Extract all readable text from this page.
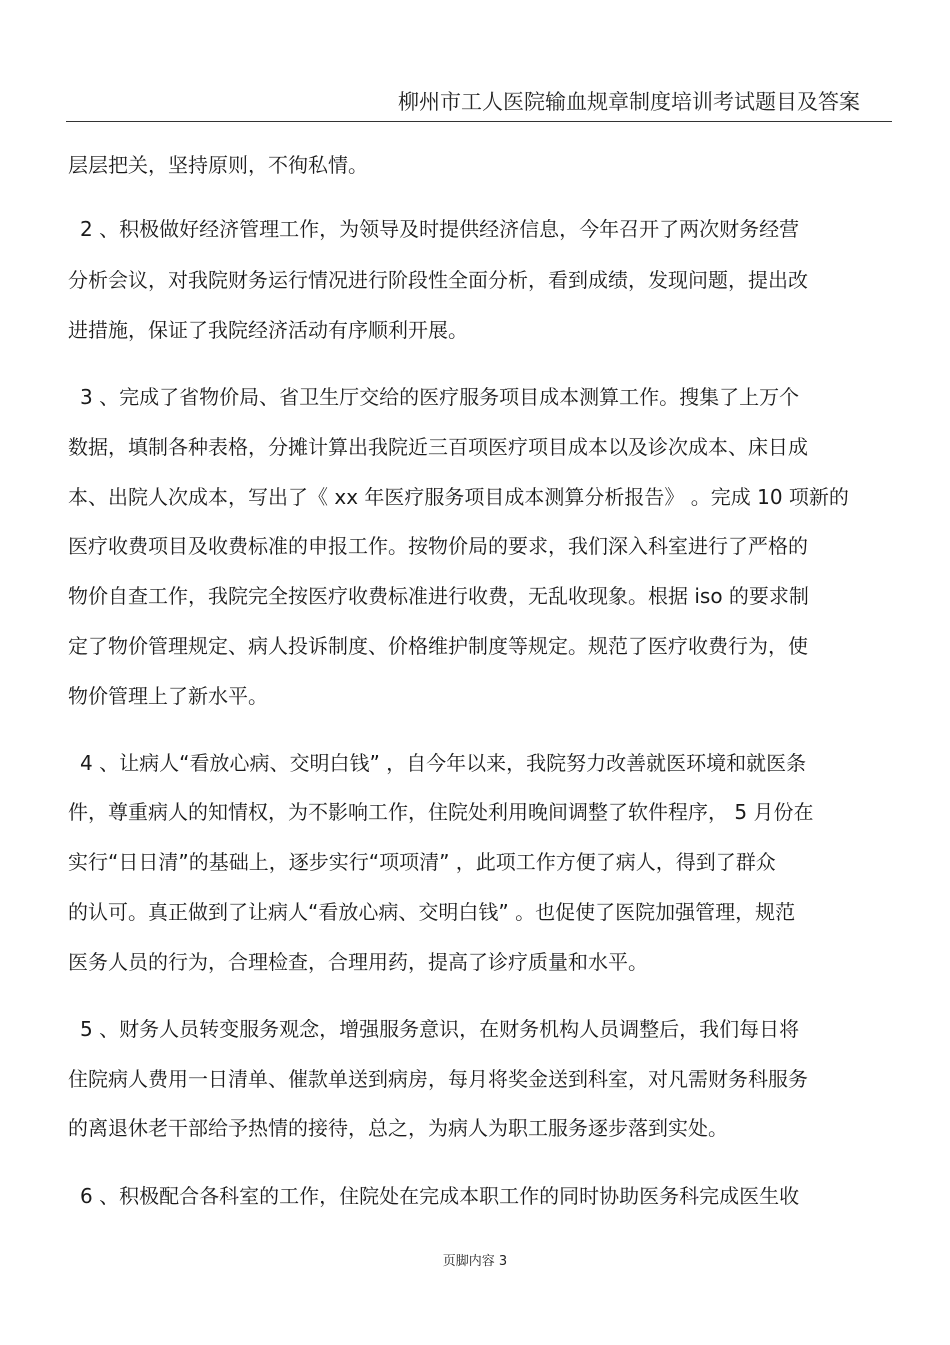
柳州市工人医院输血规章制度培训考试题目及答案
层层把关，坚持原则，不徇私情。
2 、积极做好经济管理工作，为领导及时提供经济信息，今年召开了两次财务经营
分析会议，对我院财务运行情况进行阶段性全面分析，看到成绩，发现问题，提出改
进措施，保证了我院经济活动有序顺利开展。
3 、完成了省物价局、省卫生厅交给的医疗服务项目成本测算工作。搜集了上万个
数据，填制各种表格，分摊计算出我院近三百项医疗项目成本以及诊次成本、床日成
本、出院人次成本，写出了《 xx 年医疗服务项目成本测算分析报告》 。完成 10 项新的
医疗收费项目及收费标准的申报工作。按物价局的要求，我们深入科室进行了严格的
物价自查工作，我院完全按医疗收费标准进行收费，无乱收现象。根据 iso 的要求制
定了物价管理规定、病人投诉制度、价格维护制度等规定。规范了医疗收费行为，使
物价管理上了新水平。
4 、让病人“看放心病、交明白钱” ，自今年以来，我院努力改善就医环境和就医条
件，尊重病人的知情权，为不影响工作，住院处利用晚间调整了软件程序， 5 月份在
实行“日日清”的基础上，逐步实行“项项清” ，此项工作方便了病人，得到了群众
的认可。真正做到了让病人“看放心病、交明白钱” 。也促使了医院加强管理，规范
医务人员的行为，合理检查，合理用药，提高了诊疗质量和水平。
5 、财务人员转变服务观念，增强服务意识，在财务机构人员调整后，我们每日将
住院病人费用一日清单、催款单送到病房，每月将奖金送到科室，对凡需财务科服务
的离退休老干部给予热情的接待，总之，为病人为职工服务逐步落到实处。
6 、积极配合各科室的工作，住院处在完成本职工作的同时协助医务科完成医生收
页脚内容 3
